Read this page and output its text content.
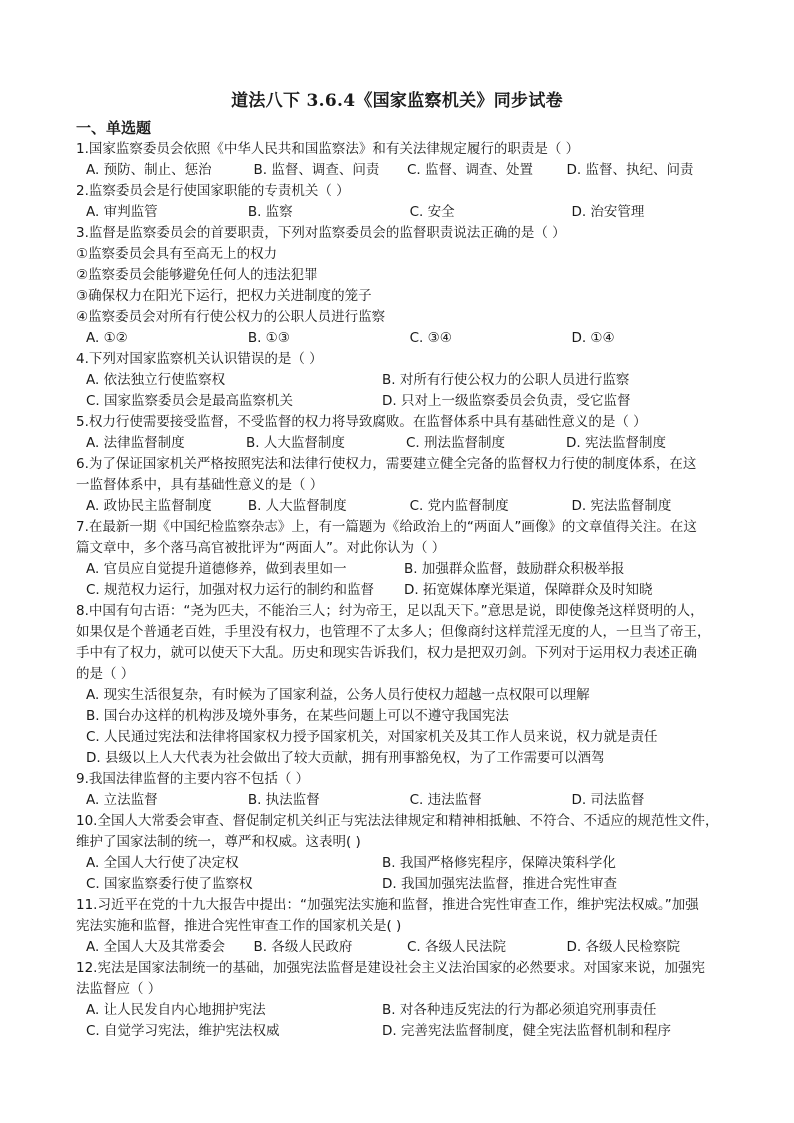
道法八下 3.6.4《国家监察机关》同步试卷
一、单选题
1.国家监察委员会依照《中华人民共和国监察法》和有关法律规定履行的职责是（ ）
A. 预防、制止、惩治	B. 监督、调查、问责	C. 监督、调查、处置	D. 监督、执纪、问责
2.监察委员会是行使国家职能的专责机关（ ）
A. 审判监管	B. 监察	C. 安全	D. 治安管理
3.监督是监察委员会的首要职责，下列对监察委员会的监督职责说法正确的是（ ）
①监察委员会具有至高无上的权力
②监察委员会能够避免任何人的违法犯罪
③确保权力在阳光下运行，把权力关进制度的笼子
④监察委员会对所有行使公权力的公职人员进行监察
A. ①②	B. ①③	C. ③④	D. ①④
4.下列对国家监察机关认识错误的是（ ）
A. 依法独立行使监察权	B. 对所有行使公权力的公职人员进行监察
C. 国家监察委员会是最高监察机关	D. 只对上一级监察委员会负责，受它监督
5.权力行使需要接受监督，不受监督的权力将导致腐败。在监督体系中具有基础性意义的是（ ）
A. 法律监督制度	B. 人大监督制度	C. 刑法监督制度	D. 宪法监督制度
6.为了保证国家机关严格按照宪法和法律行使权力，需要建立健全完备的监督权力行使的制度体系，在这
一监督体系中，具有基础性意义的是（ ）
A. 政协民主监督制度	B. 人大监督制度	C. 党内监督制度	D. 宪法监督制度
7.在最新一期《中国纪检监察杂志》上，有一篇题为《给政治上的“两面人”画像》的文章值得关注。在这
篇文章中，多个落马高官被批评为“两面人”。对此你认为（ ）
A. 官员应自觉提升道德修养，做到表里如一	B. 加强群众监督，鼓励群众积极举报
C. 规范权力运行，加强对权力运行的制约和监督	D. 拓宽媒体摩光渠道，保障群众及时知晓
8.中国有句古语：“尧为匹夫，不能治三人；纣为帝王，足以乱天下。”意思是说，即使像尧这样贤明的人，
如果仅是个普通老百姓，手里没有权力，也管理不了太多人；但像商纣这样荒淫无度的人，一旦当了帝王，
手中有了权力，就可以使天下大乱。历史和现实告诉我们，权力是把双刃剑。下列对于运用权力表述正确
的是（ ）
A. 现实生活很复杂，有时候为了国家利益，公务人员行使权力超越一点权限可以理解
B. 国台办这样的机构涉及境外事务，在某些问题上可以不遵守我国宪法
C. 人民通过宪法和法律将国家权力授予国家机关，对国家机关及其工作人员来说，权力就是责任
D. 县级以上人大代表为社会做出了较大贡献，拥有刑事豁免权，为了工作需要可以酒驾
9.我国法律监督的主要内容不包括（ ）
A. 立法监督	B. 执法监督	C. 违法监督	D. 司法监督
10.全国人大常委会审查、督促制定机关纠正与宪法法律规定和精神相抵触、不符合、不适应的规范性文件，
维护了国家法制的统一，尊严和权威。这表明( )
A. 全国人大行使了决定权	B. 我国严格修宪程序，保障决策科学化
C. 国家监察委行使了监察权	D. 我国加强宪法监督，推进合宪性审查
11.习近平在党的十九大报告中提出：“加强宪法实施和监督，推进合宪性审查工作，维护宪法权威。”加强
宪法实施和监督，推进合宪性审查工作的国家机关是( )
A. 全国人大及其常委会	B. 各级人民政府	C. 各级人民法院	D. 各级人民检察院
12.宪法是国家法制统一的基础，加强宪法监督是建设社会主义法治国家的必然要求。对国家来说，加强宪
法监督应（ ）
A. 让人民发自内心地拥护宪法	B. 对各种违反宪法的行为都必须追究刑事责任
C. 自觉学习宪法，维护宪法权威	D. 完善宪法监督制度，健全宪法监督机制和程序
